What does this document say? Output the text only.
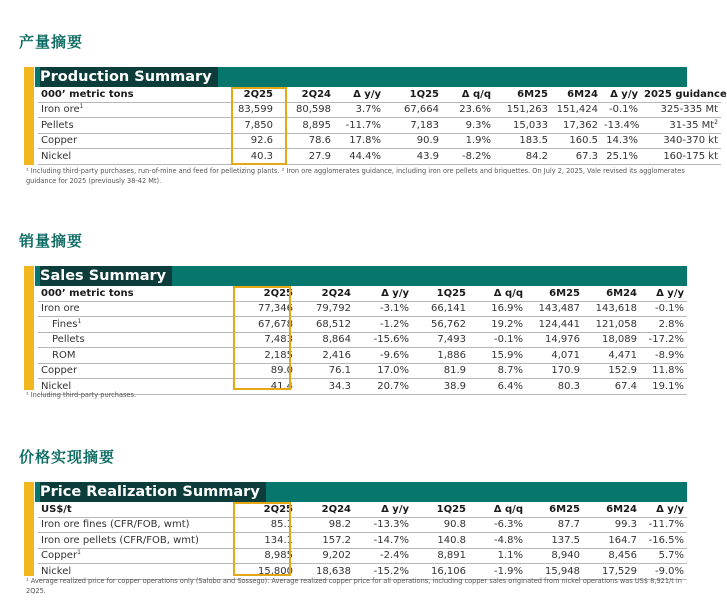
产量摘要
Production Summary
000’ metric tons	2Q25	2Q24	Δ y/y	1Q25	Δ q/q	6M25	6M24	Δ y/y	2025 guidance
Iron ore$^1$	83,599	80,598	3.7%	67,664	23.6%	151,263	151,424	-0.1%	325-335 Mt
Pellets	7,850	8,895	-11.7%	7,183	9.3%	15,033	17,362	-13.4%	31-35 Mt$^2$
Copper	92.6	78.6	17.8%	90.9	1.9%	183.5	160.5	14.3%	340-370 kt
Nickel	40.3	27.9	44.4%	43.9	-8.2%	84.2	67.3	25.1%	160-175 kt
¹ Including third-party purchases, run-of-mine and feed for pelletizing plants. ² Iron ore agglomerates guidance, including iron ore pellets and briquettes. On July 2, 2025, Vale revised its agglomerates guidance for 2025 (previously 38-42 Mt).
销量摘要
Sales Summary
000’ metric tons	2Q25	2Q24	Δ y/y	1Q25	Δ q/q	6M25	6M24	Δ y/y
Iron ore	77,346	79,792	-3.1%	66,141	16.9%	143,487	143,618	-0.1%
Fines$^1$	67,678	68,512	-1.2%	56,762	19.2%	124,441	121,058	2.8%
Pellets	7,483	8,864	-15.6%	7,493	-0.1%	14,976	18,089	-17.2%
ROM	2,185	2,416	-9.6%	1,886	15.9%	4,071	4,471	-8.9%
Copper	89.0	76.1	17.0%	81.9	8.7%	170.9	152.9	11.8%
Nickel	41.4	34.3	20.7%	38.9	6.4%	80.3	67.4	19.1%
¹ Including third-party purchases.
价格实现摘要
Price Realization Summary
US$/t	2Q25	2Q24	Δ y/y	1Q25	Δ q/q	6M25	6M24	Δ y/y
Iron ore fines (CFR/FOB, wmt)	85.1	98.2	-13.3%	90.8	-6.3%	87.7	99.3	-11.7%
Iron ore pellets (CFR/FOB, wmt)	134.1	157.2	-14.7%	140.8	-4.8%	137.5	164.7	-16.5%
Copper$^1$	8,985	9,202	-2.4%	8,891	1.1%	8,940	8,456	5.7%
Nickel	15,800	18,638	-15.2%	16,106	-1.9%	15,948	17,529	-9.0%
¹ Average realized price for copper operations only (Salobo and Sossego). Average realized copper price for all operations, including copper sales originated from nickel operations was US$ 8,921/t in 2Q25.
